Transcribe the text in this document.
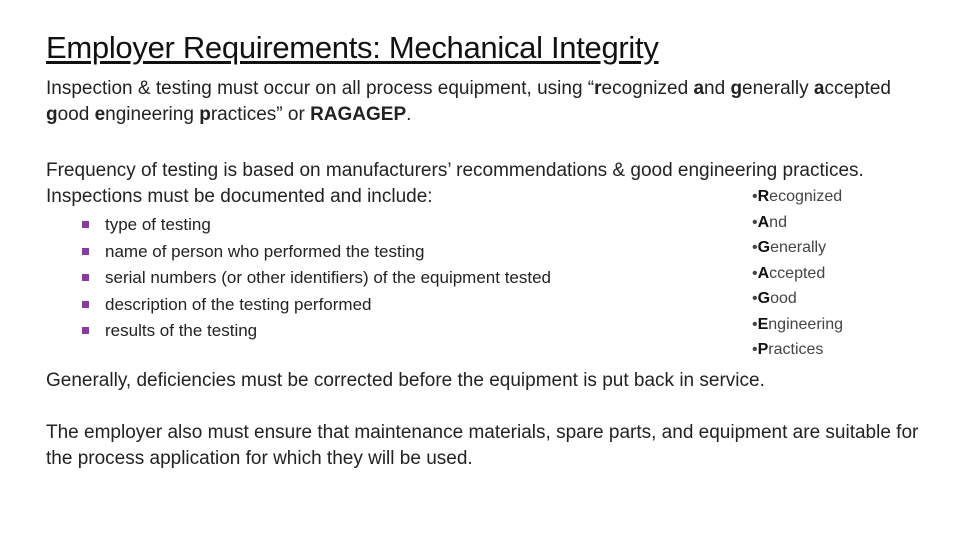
Employer Requirements: Mechanical Integrity
Inspection & testing must occur on all process equipment, using “recognized and generally accepted good engineering practices” or RAGAGEP.
Frequency of testing is based on manufacturers’ recommendations & good engineering practices. Inspections must be documented and include:
type of testing
name of person who performed the testing
serial numbers (or other identifiers) of the equipment tested
description of the testing performed
results of the testing
•Recognized
•And
•Generally
•Accepted
•Good
•Engineering
•Practices
Generally, deficiencies must be corrected before the equipment is put back in service.
The employer also must ensure that maintenance materials, spare parts, and equipment are suitable for the process application for which they will be used.
